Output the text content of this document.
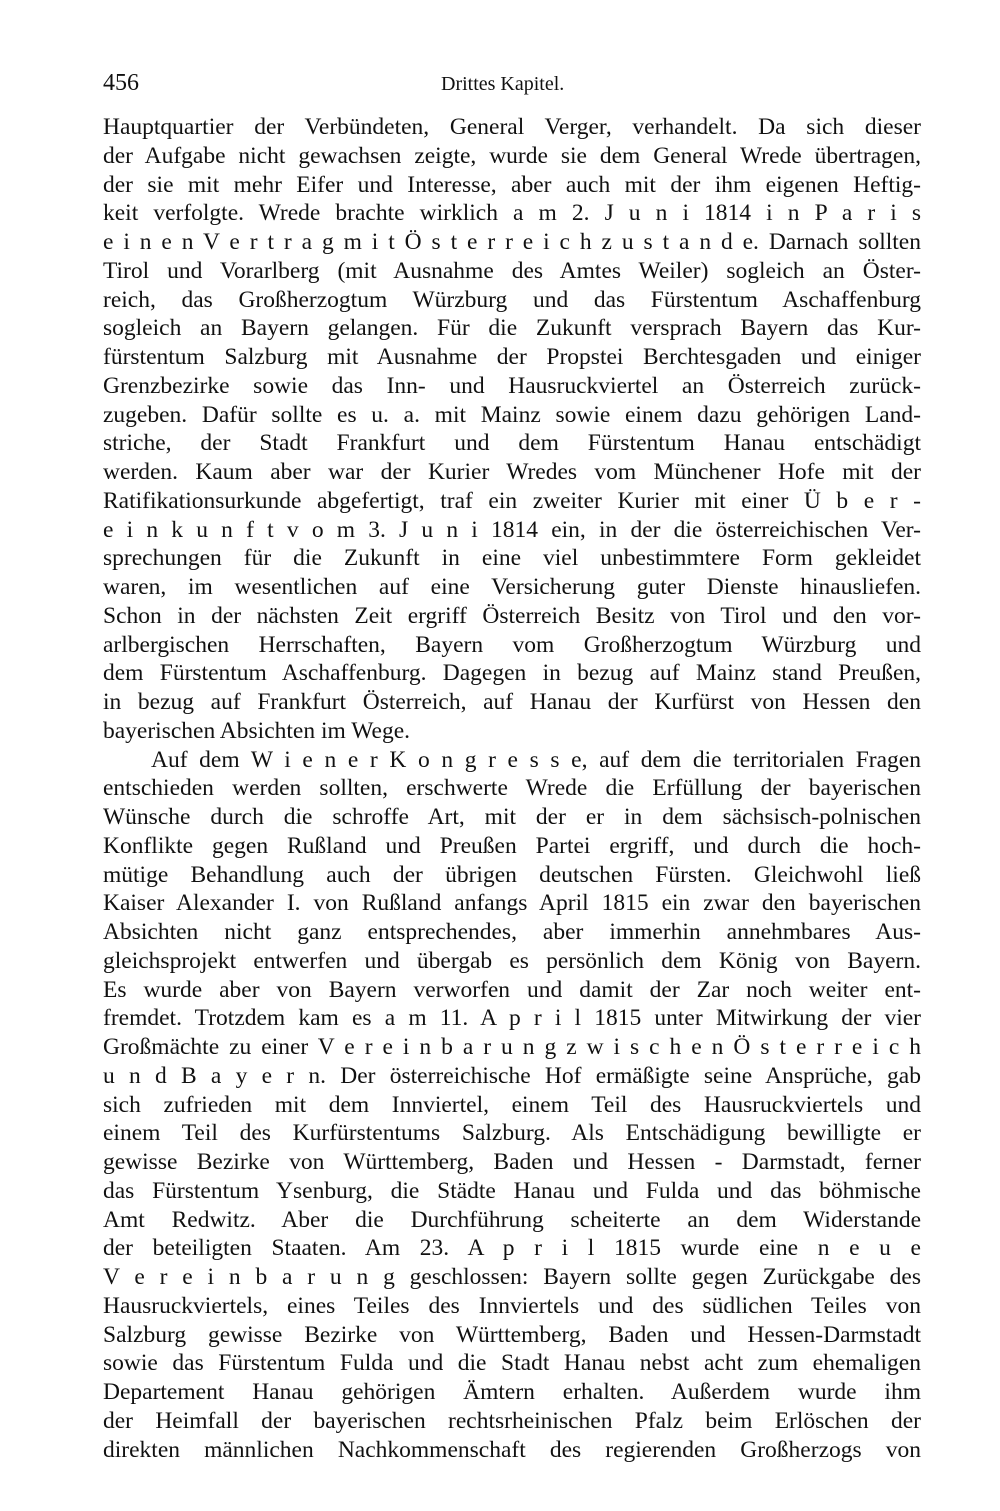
456	Drittes Kapitel.
Hauptquartier der Verbündeten, General Verger, verhandelt. Da sich dieser
der Aufgabe nicht gewachsen zeigte, wurde sie dem General Wrede übertragen,
der sie mit mehr Eifer und Interesse, aber auch mit der ihm eigenen Heftig-
keit verfolgte. Wrede brachte wirklich a m 2. J u n i 1814 i n P a r i s
e i n e n V e r t r a g m i t Ö s t e r r e i c h z u s t a n d e. Darnach sollten
Tirol und Vorarlberg (mit Ausnahme des Amtes Weiler) sogleich an Öster-
reich, das Großherzogtum Würzburg und das Fürstentum Aschaffenburg
sogleich an Bayern gelangen. Für die Zukunft versprach Bayern das Kur-
fürstentum Salzburg mit Ausnahme der Propstei Berchtesgaden und einiger
Grenzbezirke sowie das Inn- und Hausruckviertel an Österreich zurück-
zugeben. Dafür sollte es u. a. mit Mainz sowie einem dazu gehörigen Land-
striche, der Stadt Frankfurt und dem Fürstentum Hanau entschädigt
werden. Kaum aber war der Kurier Wredes vom Münchener Hofe mit der
Ratifikationsurkunde abgefertigt, traf ein zweiter Kurier mit einer Ü b e r -
e i n k u n f t v o m 3. J u n i 1814 ein, in der die österreichischen Ver-
sprechungen für die Zukunft in eine viel unbestimmtere Form gekleidet
waren, im wesentlichen auf eine Versicherung guter Dienste hinausliefen.
Schon in der nächsten Zeit ergriff Österreich Besitz von Tirol und den vor-
arlbergischen Herrschaften, Bayern vom Großherzogtum Würzburg und
dem Fürstentum Aschaffenburg. Dagegen in bezug auf Mainz stand Preußen,
in bezug auf Frankfurt Österreich, auf Hanau der Kurfürst von Hessen den
bayerischen Absichten im Wege.
Auf dem W i e n e r K o n g r e s s e, auf dem die territorialen Fragen
entschieden werden sollten, erschwerte Wrede die Erfüllung der bayerischen
Wünsche durch die schroffe Art, mit der er in dem sächsisch-polnischen
Konflikte gegen Rußland und Preußen Partei ergriff, und durch die hoch-
mütige Behandlung auch der übrigen deutschen Fürsten. Gleichwohl ließ
Kaiser Alexander I. von Rußland anfangs April 1815 ein zwar den bayerischen
Absichten nicht ganz entsprechendes, aber immerhin annehmbares Aus-
gleichsprojekt entwerfen und übergab es persönlich dem König von Bayern.
Es wurde aber von Bayern verworfen und damit der Zar noch weiter ent-
fremdet. Trotzdem kam es a m 11. A p r i l 1815 unter Mitwirkung der vier
Großmächte zu einer V e r e i n b a r u n g z w i s c h e n Ö s t e r r e i c h
u n d B a y e r n. Der österreichische Hof ermäßigte seine Ansprüche, gab
sich zufrieden mit dem Innviertel, einem Teil des Hausruckviertels und
einem Teil des Kurfürstentums Salzburg. Als Entschädigung bewilligte er
gewisse Bezirke von Württemberg, Baden und Hessen - Darmstadt, ferner
das Fürstentum Ysenburg, die Städte Hanau und Fulda und das böhmische
Amt Redwitz. Aber die Durchführung scheiterte an dem Widerstande
der beteiligten Staaten. Am 23. A p r i l 1815 wurde eine n e u e
V e r e i n b a r u n g geschlossen: Bayern sollte gegen Zurückgabe des
Hausruckviertels, eines Teiles des Innviertels und des südlichen Teiles von
Salzburg gewisse Bezirke von Württemberg, Baden und Hessen-Darmstadt
sowie das Fürstentum Fulda und die Stadt Hanau nebst acht zum ehemaligen
Departement Hanau gehörigen Ämtern erhalten. Außerdem wurde ihm
der Heimfall der bayerischen rechtsrheinischen Pfalz beim Erlöschen der
direkten männlichen Nachkommenschaft des regierenden Großherzogs von
